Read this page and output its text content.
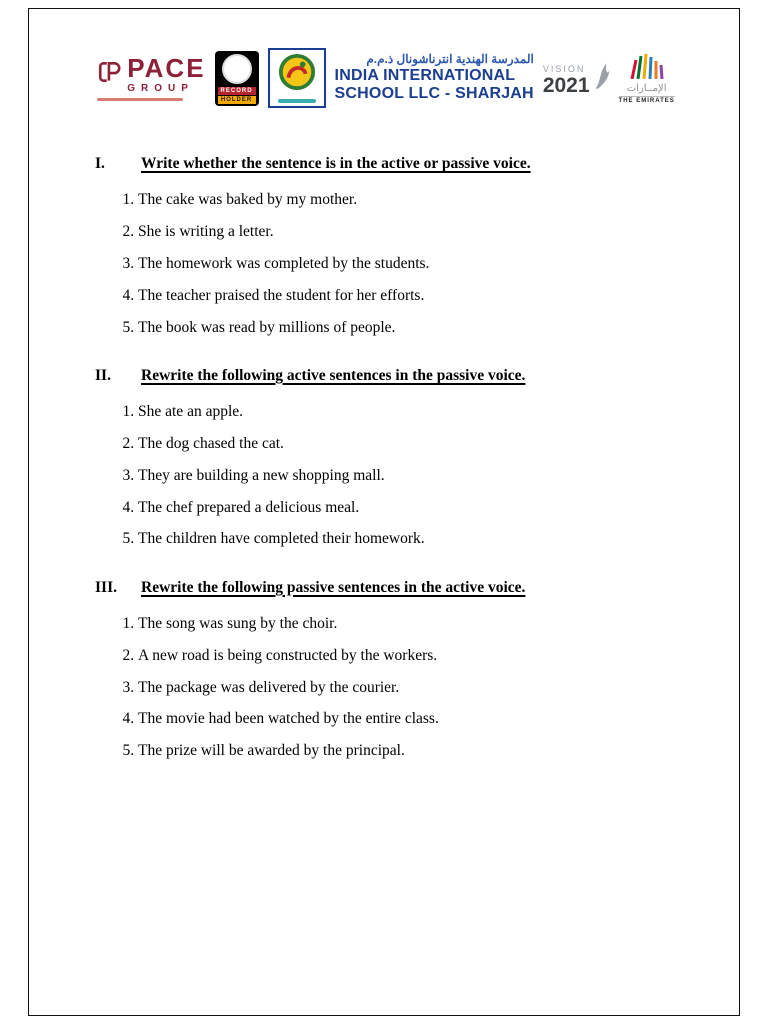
PACE
GROUP	RECORD
HOLDER
المدرسة الهندية انترناشونال ذ.م.م
INDIA INTERNATIONAL
SCHOOL LLC - SHARJAH
VISION
2021	الإمــارات
THE EMIRATES
I.	Write whether the sentence is in the active or passive voice.
1. The cake was baked by my mother.
2. She is writing a letter.
3. The homework was completed by the students.
4. The teacher praised the student for her efforts.
5. The book was read by millions of people.
II.	Rewrite the following active sentences in the passive voice.
1. She ate an apple.
2. The dog chased the cat.
3. They are building a new shopping mall.
4. The chef prepared a delicious meal.
5. The children have completed their homework.
III.	Rewrite the following passive sentences in the active voice.
1. The song was sung by the choir.
2. A new road is being constructed by the workers.
3. The package was delivered by the courier.
4. The movie had been watched by the entire class.
5. The prize will be awarded by the principal.
